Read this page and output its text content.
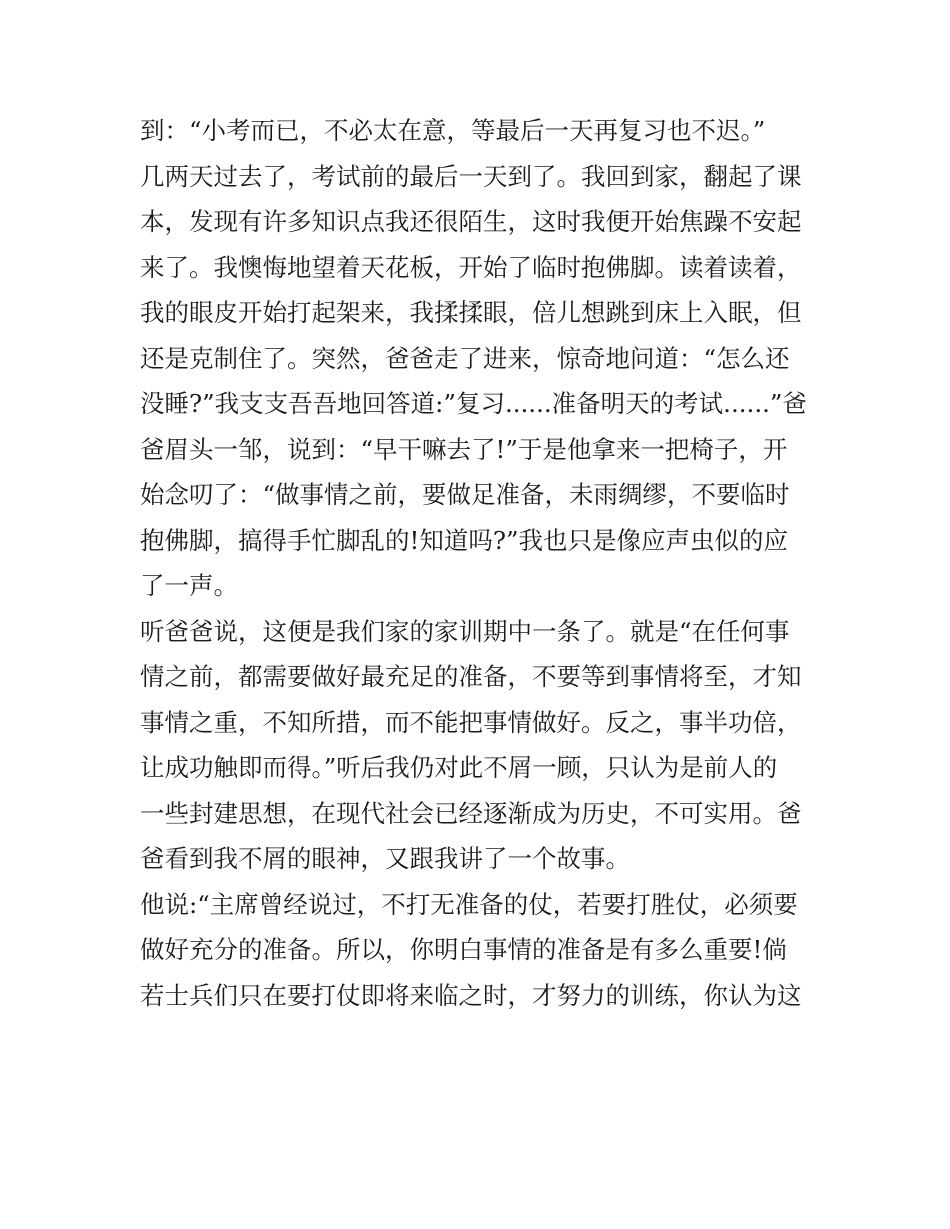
到：“小考而已，不必太在意，等最后一天再复习也不迟。”
几两天过去了，考试前的最后一天到了。我回到家，翻起了课
本，发现有许多知识点我还很陌生，这时我便开始焦躁不安起
来了。我懊悔地望着天花板，开始了临时抱佛脚。读着读着，
我的眼皮开始打起架来，我揉揉眼，倍儿想跳到床上入眠，但
还是克制住了。突然，爸爸走了进来，惊奇地问道：“怎么还
没睡?”我支支吾吾地回答道:”复习......准备明天的考试......”爸
爸眉头一邹，说到：“早干嘛去了!”于是他拿来一把椅子，开
始念叨了：“做事情之前，要做足准备，未雨绸缪，不要临时
抱佛脚，搞得手忙脚乱的!知道吗?”我也只是像应声虫似的应
了一声。
听爸爸说，这便是我们家的家训期中一条了。就是“在任何事
情之前，都需要做好最充足的准备，不要等到事情将至，才知
事情之重，不知所措，而不能把事情做好。反之，事半功倍，
让成功触即而得。”听后我仍对此不屑一顾，只认为是前人的
一些封建思想，在现代社会已经逐渐成为历史，不可实用。爸
爸看到我不屑的眼神，又跟我讲了一个故事。
他说:“主席曾经说过，不打无准备的仗，若要打胜仗，必须要
做好充分的准备。所以，你明白事情的准备是有多么重要!倘
若士兵们只在要打仗即将来临之时，才努力的训练，你认为这
